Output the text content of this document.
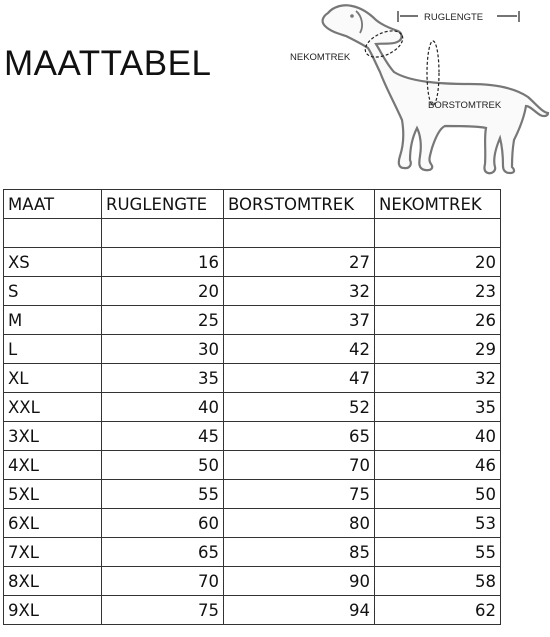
MAATTABEL
RUGLENGTE
NEKOMTREK
BORSTOMTREK
MAAT	RUGLENGTE	BORSTOMTREK	NEKOMTREK

XS	16	27	20
S	20	32	23
M	25	37	26
L	30	42	29
XL	35	47	32
XXL	40	52	35
3XL	45	65	40
4XL	50	70	46
5XL	55	75	50
6XL	60	80	53
7XL	65	85	55
8XL	70	90	58
9XL	75	94	62
